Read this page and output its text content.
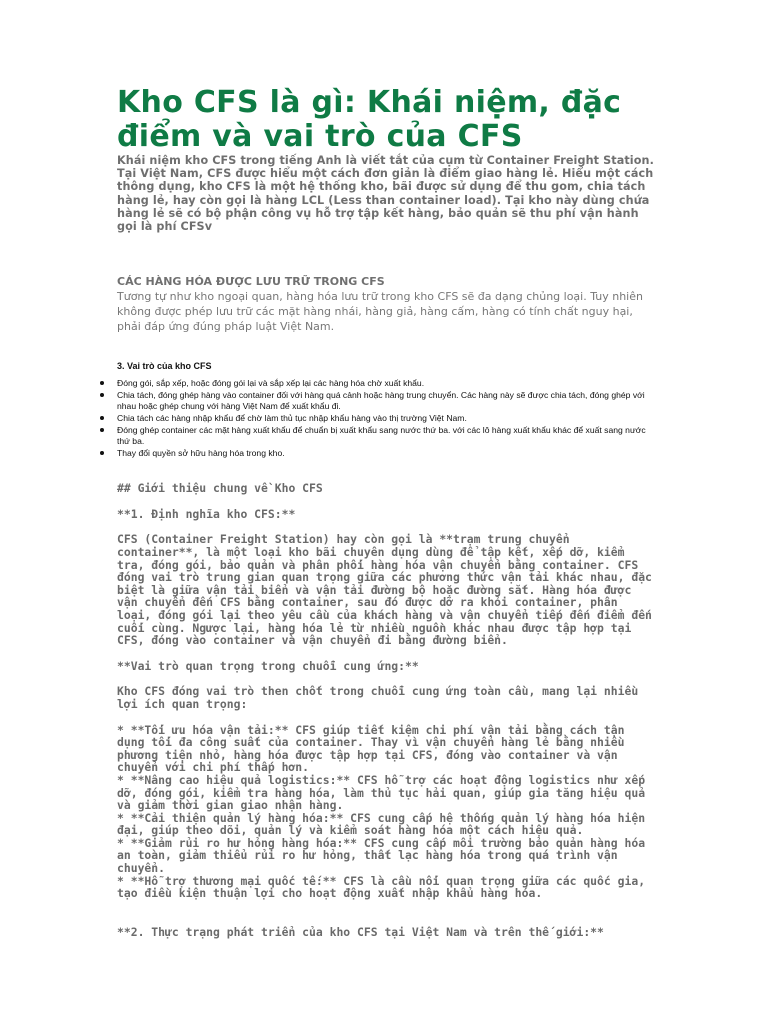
Kho CFS là gì: Khái niệm, đặc điểm và vai trò của CFS

Khái niệm kho CFS trong tiếng Anh là viết tắt của cụm từ Container Freight Station. Tại Việt Nam, CFS được hiểu một cách đơn giản là điểm giao hàng lẻ. Hiểu một cách thông dụng, kho CFS là một hệ thống kho, bãi được sử dụng để thu gom, chia tách hàng lẻ, hay còn gọi là hàng LCL (Less than container load). Tại kho này dùng chứa hàng lẻ sẽ có bộ phận công vụ hỗ trợ tập kết hàng, bảo quản sẽ thu phí vận hành gọi là phí CFSv

CÁC HÀNG HÓA ĐƯỢC LƯU TRỮ TRONG CFS

Tương tự như kho ngoại quan, hàng hóa lưu trữ trong kho CFS sẽ đa dạng chủng loại. Tuy nhiên không được phép lưu trữ các mặt hàng nhái, hàng giả, hàng cấm, hàng có tính chất nguy hại, phải đáp ứng đúng pháp luật Việt Nam.

3. Vai trò của kho CFS
Đóng gói, sắp xếp, hoặc đóng gói lại và sắp xếp lại các hàng hóa chờ xuất khẩu.
Chia tách, đóng ghép hàng vào container đối với hàng quá cảnh hoặc hàng trung chuyển. Các hàng này sẽ được chia tách, đóng ghép với nhau hoặc ghép chung với hàng Việt Nam để xuất khẩu đi.
Chia tách các hàng nhập khẩu để chờ làm thủ tục nhập khẩu hàng vào thị trường Việt Nam.
Đóng ghép container các mặt hàng xuất khẩu để chuẩn bị xuất khẩu sang nước thứ ba. với các lô hàng xuất khẩu khác để xuất sang nước thứ ba.
Thay đổi quyền sở hữu hàng hóa trong kho.

## Giới thiệu chung về Kho CFS

**1. Định nghĩa kho CFS:**

CFS (Container Freight Station) hay còn gọi là **trạm trung chuyển container**, là một loại kho bãi chuyên dụng dùng để tập kết, xếp dỡ, kiểm tra, đóng gói, bảo quản và phân phối hàng hóa vận chuyển bằng container. CFS đóng vai trò trung gian quan trọng giữa các phương thức vận tải khác nhau, đặc biệt là giữa vận tải biển và vận tải đường bộ hoặc đường sắt. Hàng hóa được vận chuyển đến CFS bằng container, sau đó được dỡ ra khỏi container, phân loại, đóng gói lại theo yêu cầu của khách hàng và vận chuyển tiếp đến điểm đến cuối cùng. Ngược lại, hàng hóa lẻ từ nhiều nguồn khác nhau được tập hợp tại CFS, đóng vào container và vận chuyển đi bằng đường biển.

**Vai trò quan trọng trong chuỗi cung ứng:**

Kho CFS đóng vai trò then chốt trong chuỗi cung ứng toàn cầu, mang lại nhiều lợi ích quan trọng:

* **Tối ưu hóa vận tải:** CFS giúp tiết kiệm chi phí vận tải bằng cách tận dụng tối đa công suất của container. Thay vì vận chuyển hàng lẻ bằng nhiều phương tiện nhỏ, hàng hóa được tập hợp tại CFS, đóng vào container và vận chuyển với chi phí thấp hơn.

* **Nâng cao hiệu quả logistics:** CFS hỗ trợ các hoạt động logistics như xếp dỡ, đóng gói, kiểm tra hàng hóa, làm thủ tục hải quan, giúp gia tăng hiệu quả và giảm thời gian giao nhận hàng.

* **Cải thiện quản lý hàng hóa:** CFS cung cấp hệ thống quản lý hàng hóa hiện đại, giúp theo dõi, quản lý và kiểm soát hàng hóa một cách hiệu quả.

* **Giảm rủi ro hư hỏng hàng hóa:** CFS cung cấp môi trường bảo quản hàng hóa an toàn, giảm thiểu rủi ro hư hỏng, thất lạc hàng hóa trong quá trình vận chuyển.

* **Hỗ trợ thương mại quốc tế:** CFS là cầu nối quan trọng giữa các quốc gia, tạo điều kiện thuận lợi cho hoạt động xuất nhập khẩu hàng hóa.

**2. Thực trạng phát triển của kho CFS tại Việt Nam và trên thế giới:**
